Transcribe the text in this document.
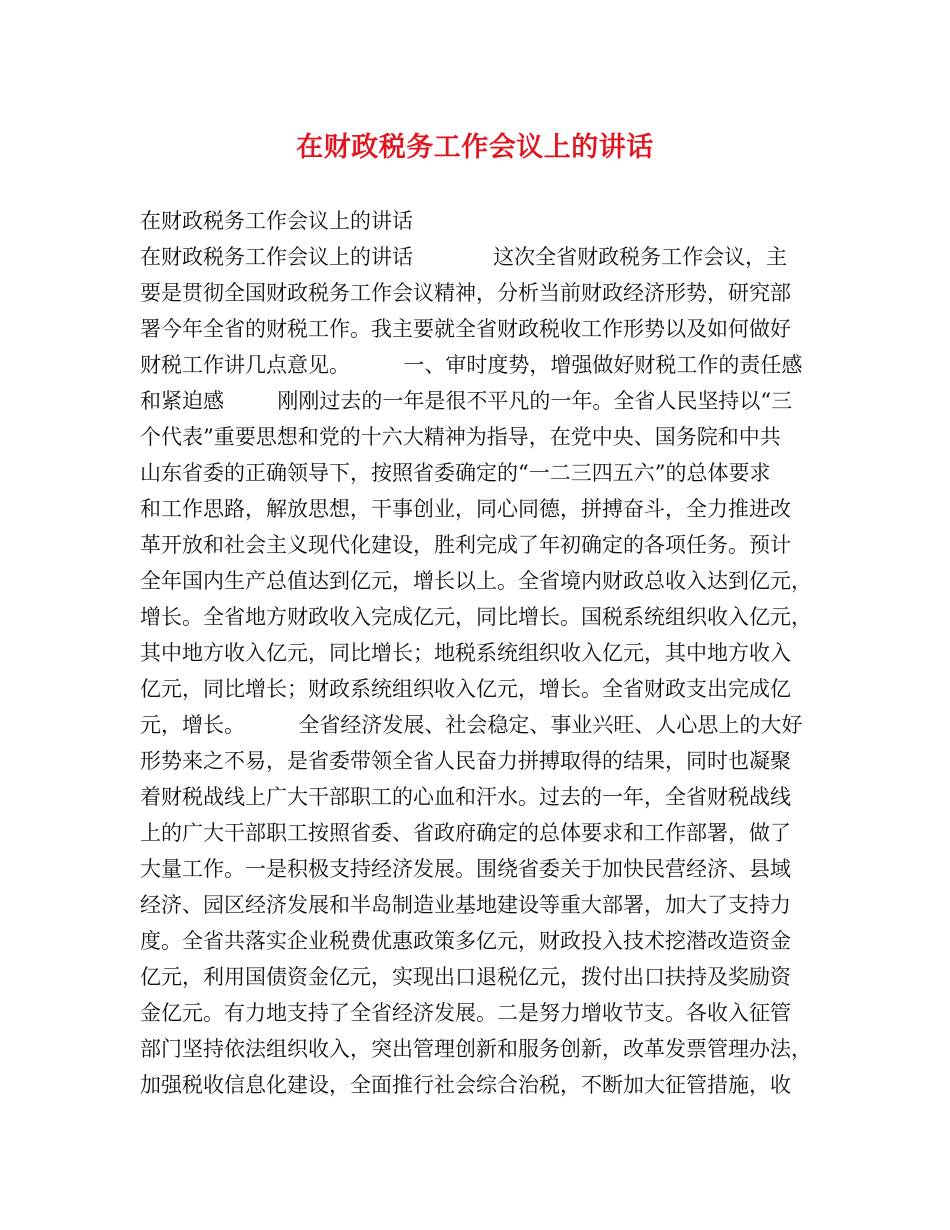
在财政税务工作会议上的讲话
在财政税务工作会议上的讲话
在财政税务工作会议上的讲话            这次全省财政税务工作会议，主
要是贯彻全国财政税务工作会议精神，分析当前财政经济形势，研究部
署今年全省的财税工作。我主要就全省财政税收工作形势以及如何做好
财税工作讲几点意见。        一、审时度势，增强做好财税工作的责任感
和紧迫感        刚刚过去的一年是很不平凡的一年。全省人民坚持以“三
个代表”重要思想和党的十六大精神为指导，在党中央、国务院和中共
山东省委的正确领导下，按照省委确定的“一二三四五六”的总体要求
和工作思路，解放思想，干事创业，同心同德，拼搏奋斗，全力推进改
革开放和社会主义现代化建设，胜利完成了年初确定的各项任务。预计
全年国内生产总值达到亿元，增长以上。全省境内财政总收入达到亿元，
增长。全省地方财政收入完成亿元，同比增长。国税系统组织收入亿元，
其中地方收入亿元，同比增长；地税系统组织收入亿元，其中地方收入
亿元，同比增长；财政系统组织收入亿元，增长。全省财政支出完成亿
元，增长。        全省经济发展、社会稳定、事业兴旺、人心思上的大好
形势来之不易，是省委带领全省人民奋力拼搏取得的结果，同时也凝聚
着财税战线上广大干部职工的心血和汗水。过去的一年，全省财税战线
上的广大干部职工按照省委、省政府确定的总体要求和工作部署，做了
大量工作。一是积极支持经济发展。围绕省委关于加快民营经济、县域
经济、园区经济发展和半岛制造业基地建设等重大部署，加大了支持力
度。全省共落实企业税费优惠政策多亿元，财政投入技术挖潜改造资金
亿元，利用国债资金亿元，实现出口退税亿元，拨付出口扶持及奖励资
金亿元。有力地支持了全省经济发展。二是努力增收节支。各收入征管
部门坚持依法组织收入，突出管理创新和服务创新，改革发票管理办法，
加强税收信息化建设，全面推行社会综合治税，不断加大征管措施，收
